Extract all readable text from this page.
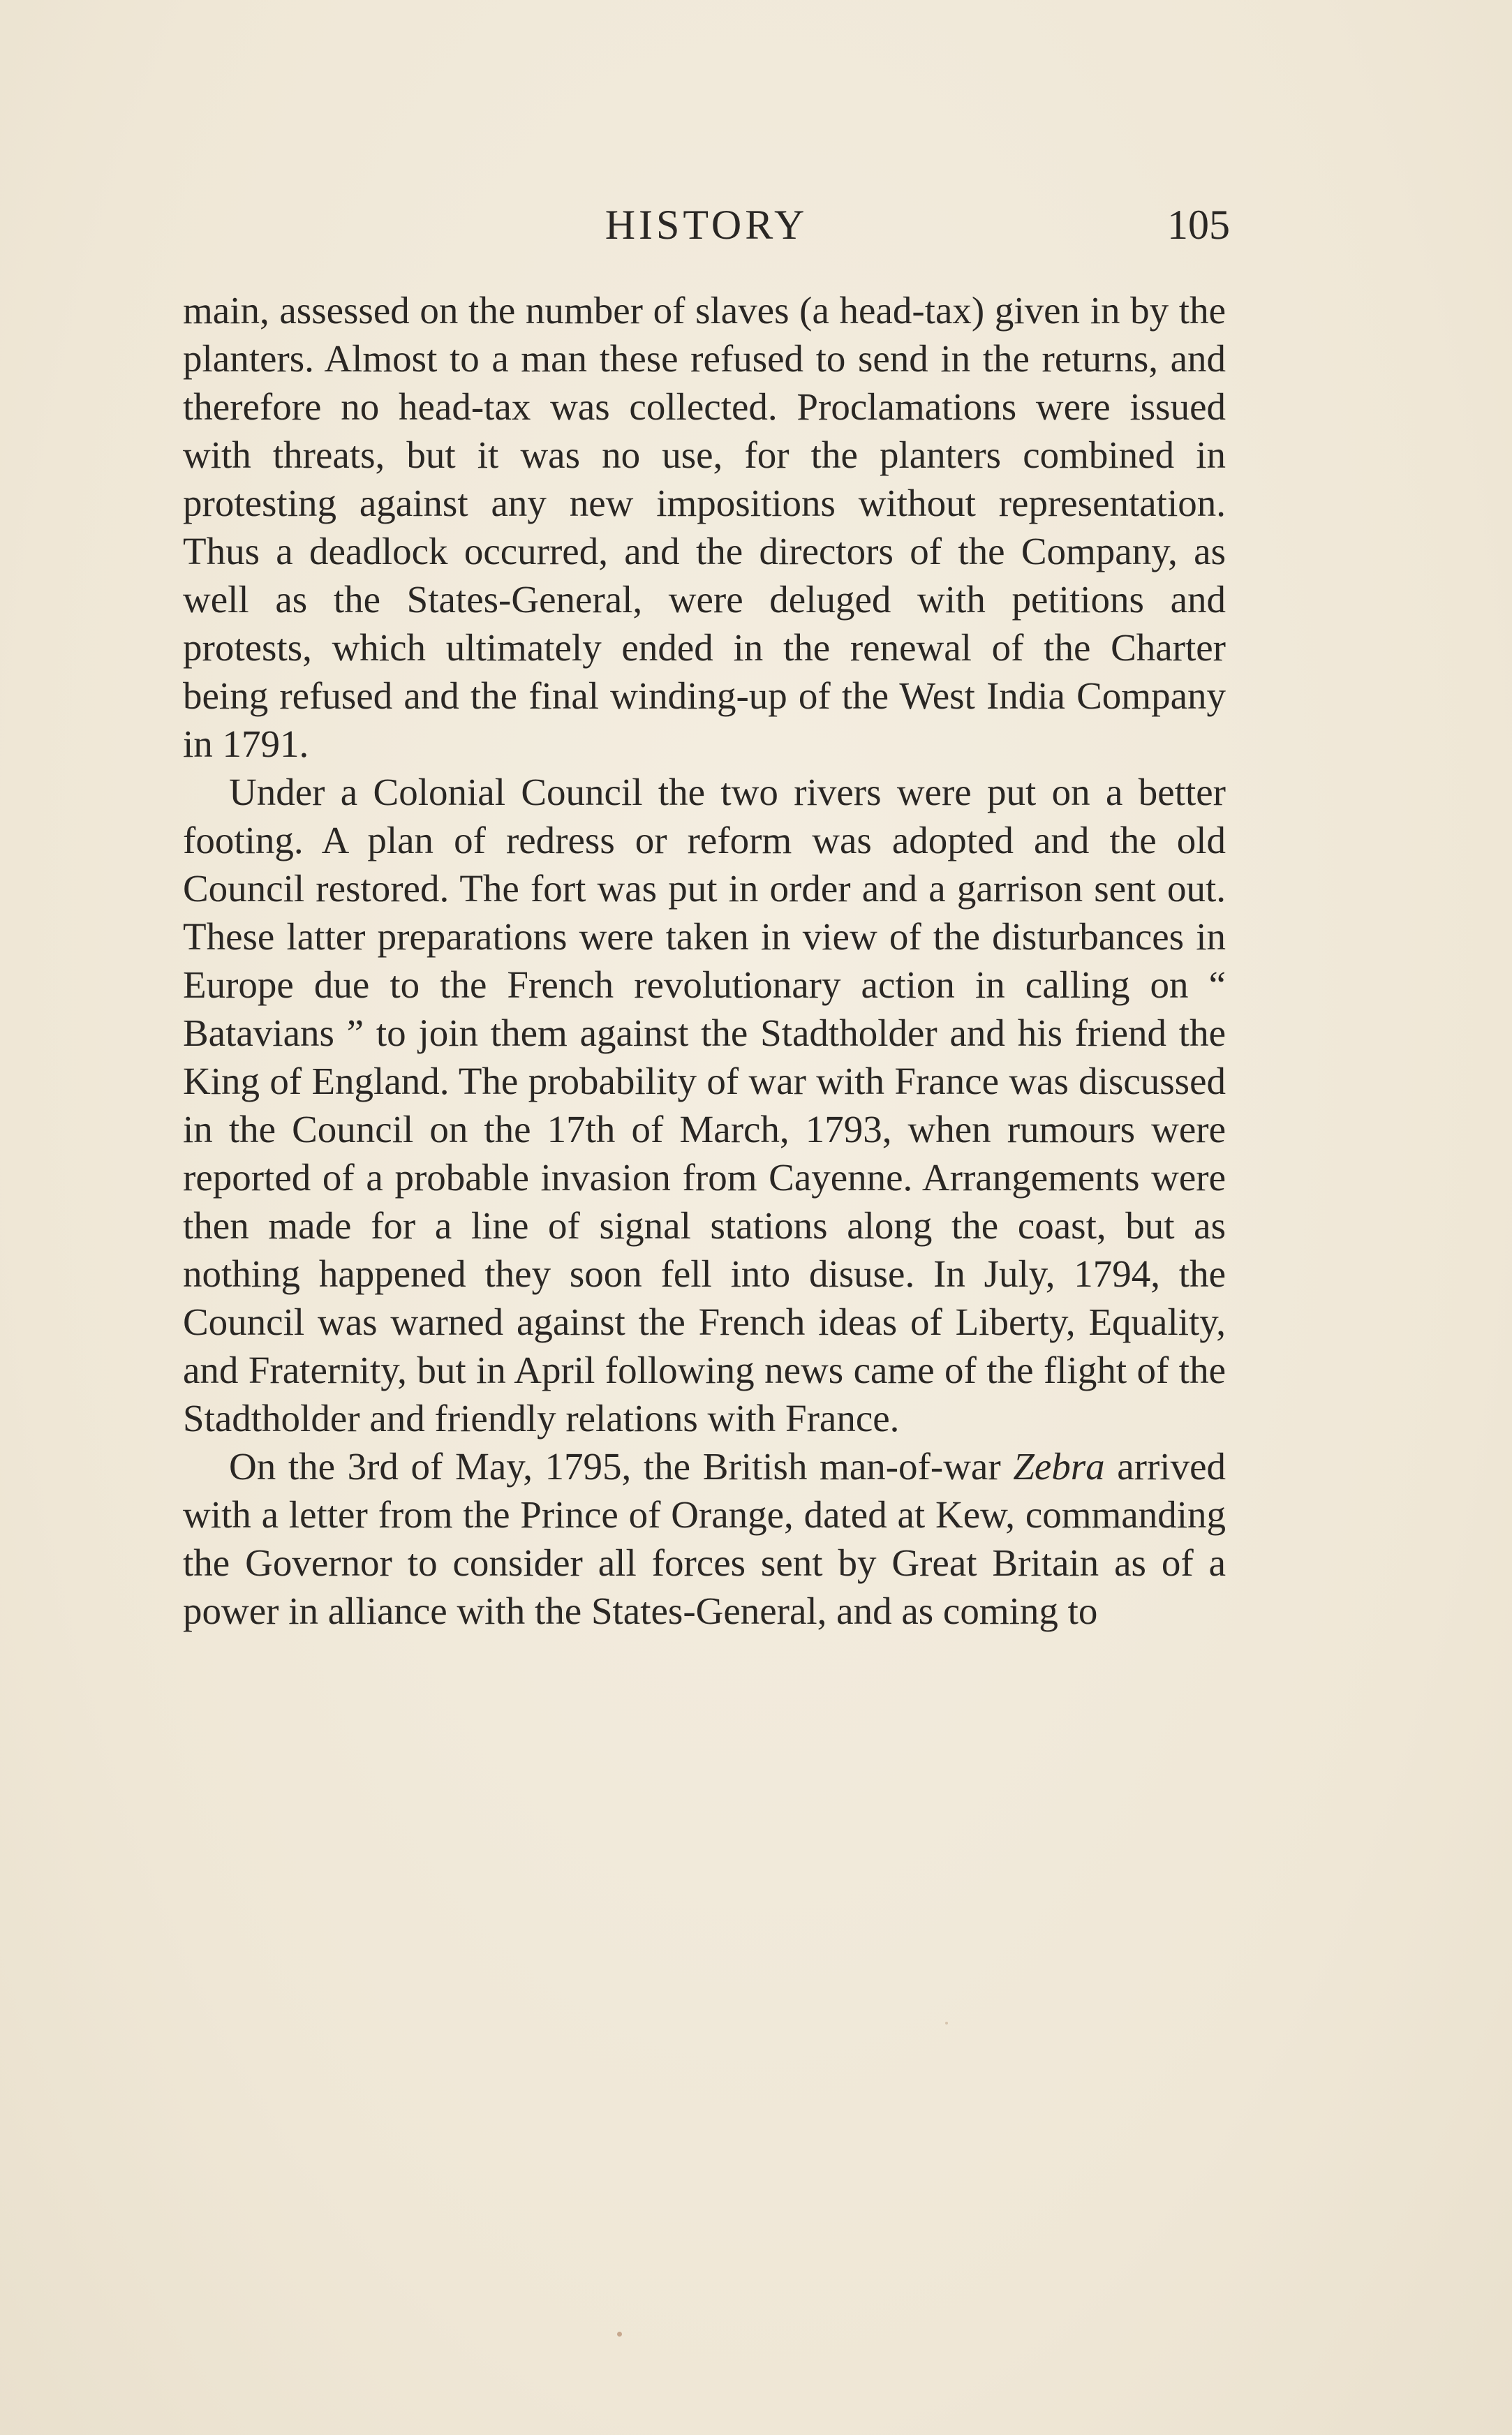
HISTORY	105

main, assessed on the number of slaves (a head-tax) given in by the planters. Almost to a man these refused to send in the returns, and therefore no head-tax was collected. Proclamations were issued with threats, but it was no use, for the planters combined in protesting against any new impositions without representation. Thus a deadlock occurred, and the directors of the Company, as well as the States-General, were deluged with petitions and protests, which ultimately ended in the renewal of the Charter being refused and the final winding-up of the West India Company in 1791.

Under a Colonial Council the two rivers were put on a better footing. A plan of redress or reform was adopted and the old Council restored. The fort was put in order and a garrison sent out. These latter preparations were taken in view of the disturbances in Europe due to the French revolutionary action in calling on “ Batavians ” to join them against the Stadtholder and his friend the King of England. The probability of war with France was discussed in the Council on the 17th of March, 1793, when rumours were reported of a probable invasion from Cayenne. Arrangements were then made for a line of signal stations along the coast, but as nothing happened they soon fell into disuse. In July, 1794, the Council was warned against the French ideas of Liberty, Equality, and Fraternity, but in April following news came of the flight of the Stadtholder and friendly relations with France.

On the 3rd of May, 1795, the British man-of-war Zebra arrived with a letter from the Prince of Orange, dated at Kew, commanding the Governor to consider all forces sent by Great Britain as of a power in alliance with the States-General, and as coming to
